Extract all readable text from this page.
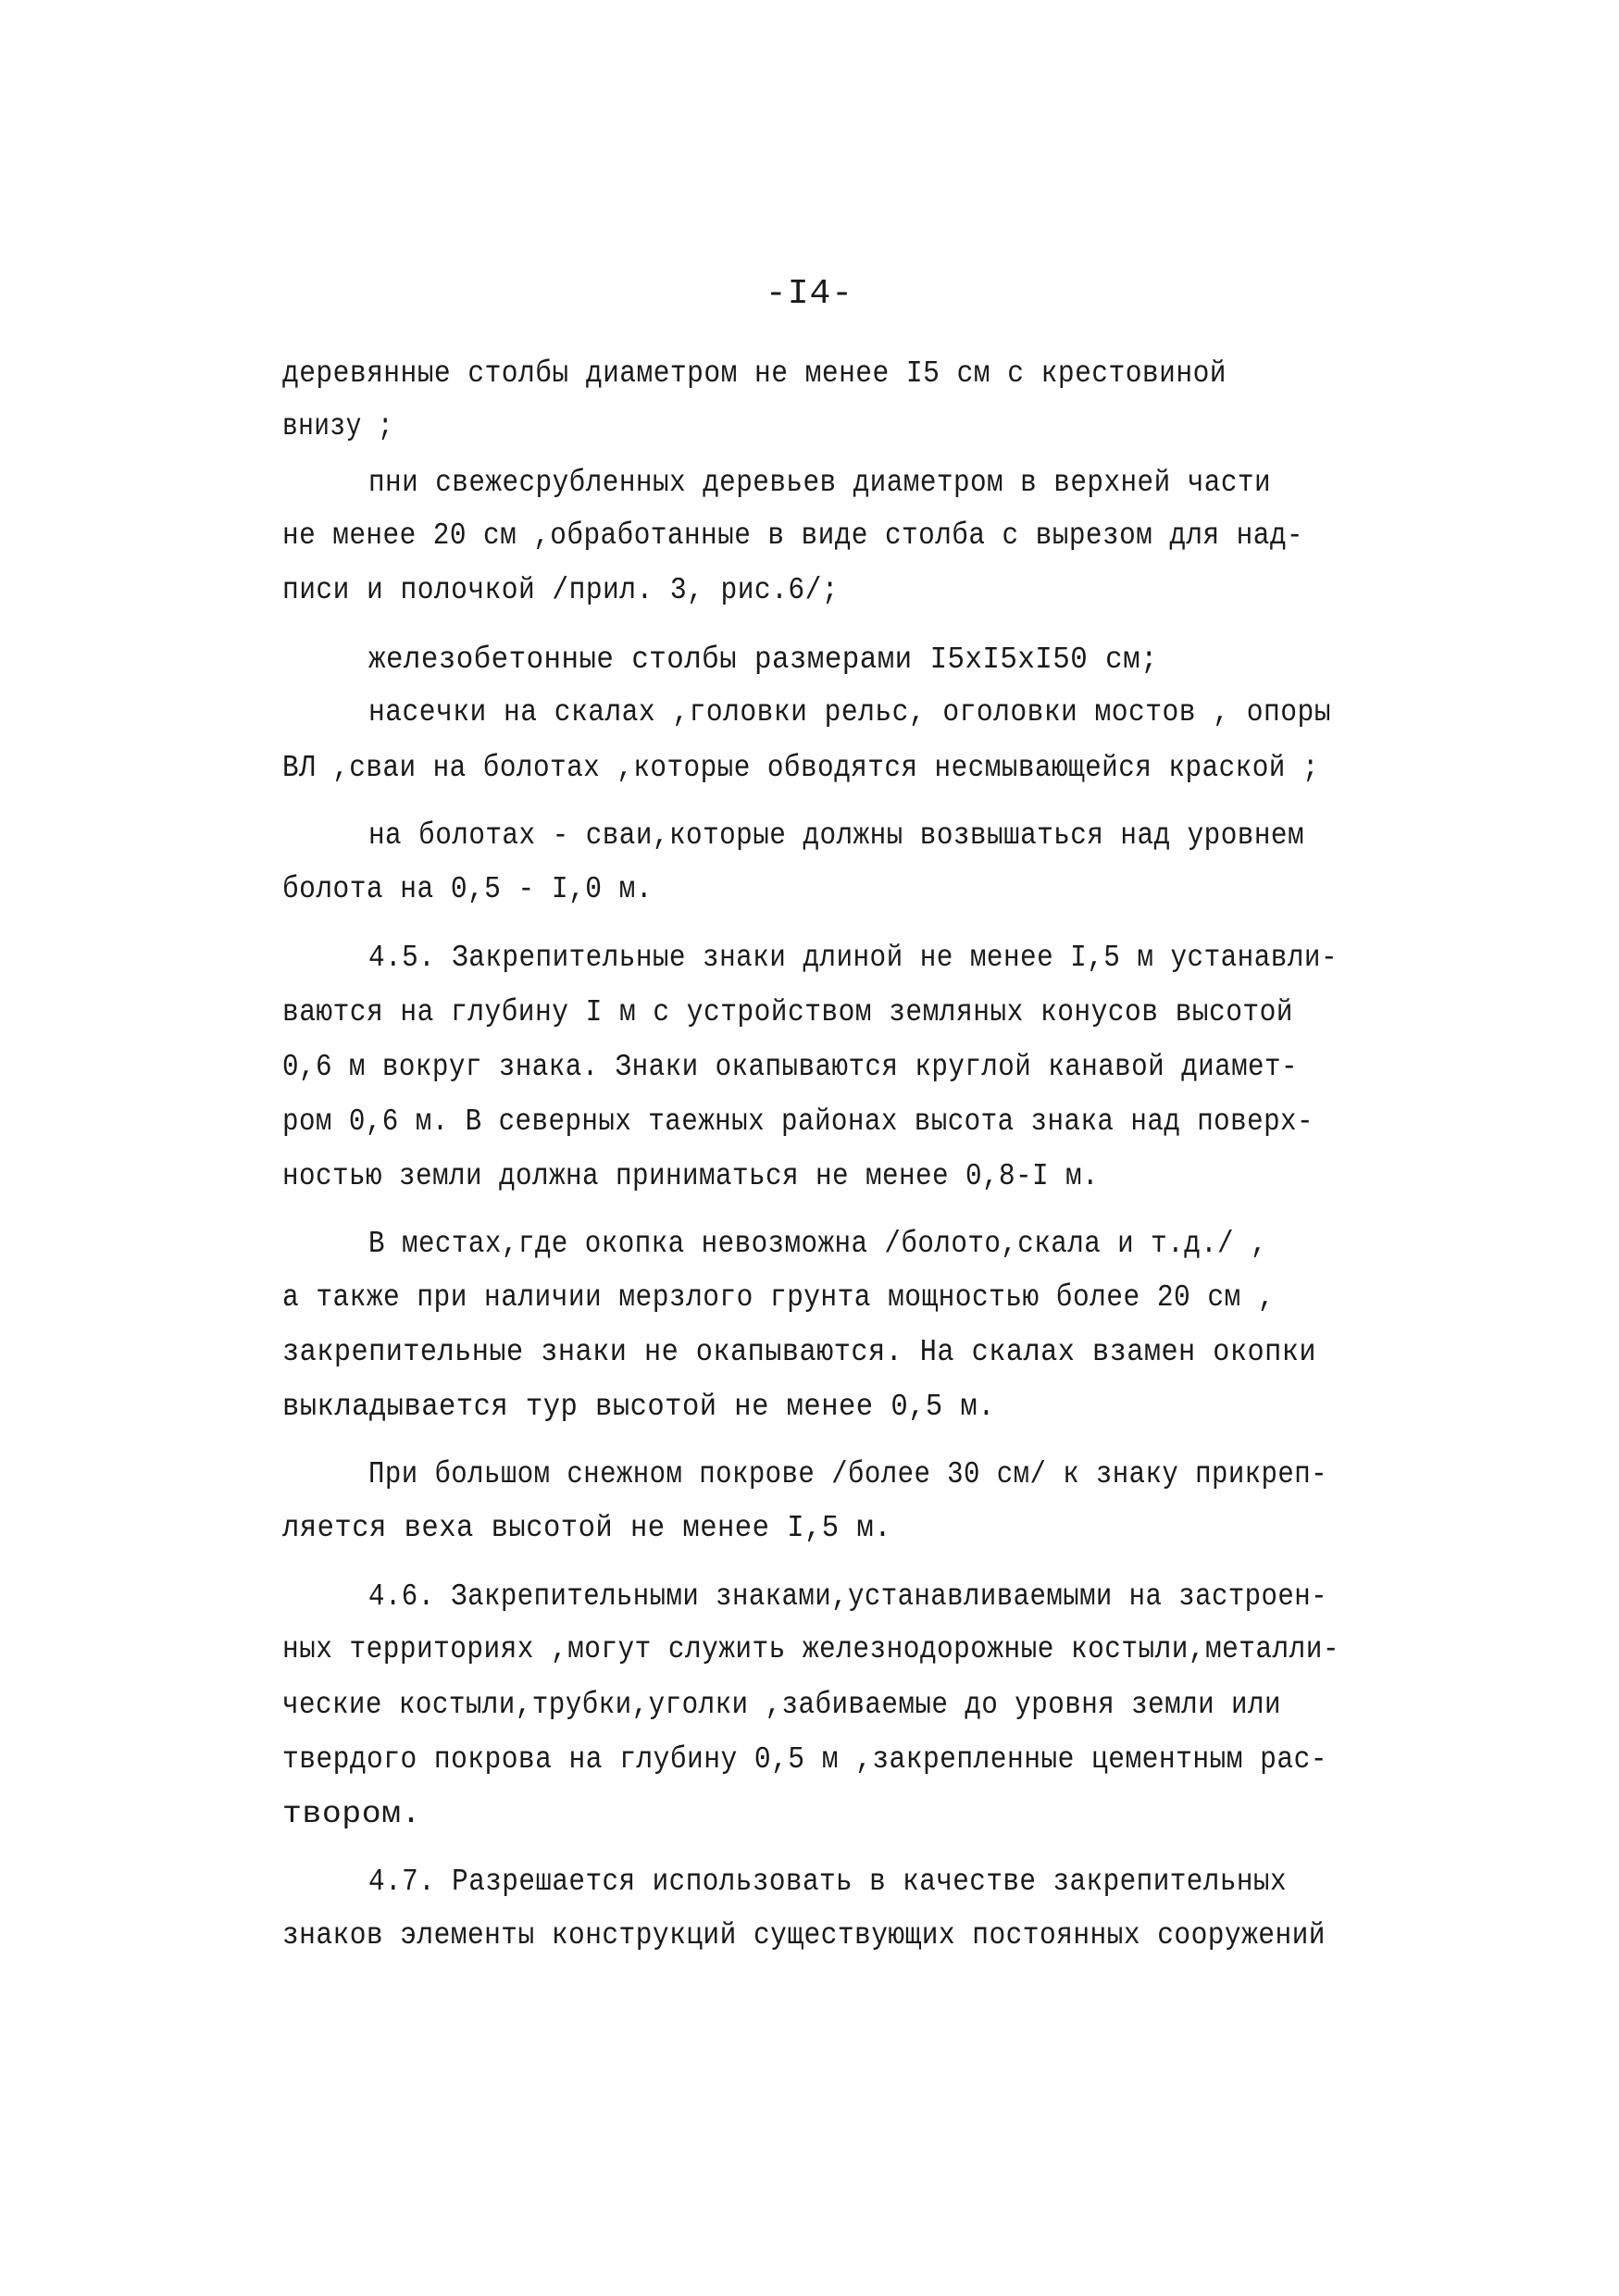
-I4-
деревянные столбы диаметром не менее I5 см с крестовиной
внизу ;
пни свежесрубленных деревьев диаметром в верхней части
не менее 20 см ,обработанные в виде столба с вырезом для над-
писи и полочкой /прил. 3, рис.6/;
железобетонные столбы размерами I5xI5xI50 см;
насечки на скалах ,головки рельс, оголовки мостов , опоры
ВЛ ,сваи на болотах ,которые обводятся несмывающейся краской ;
на болотах - сваи,которые должны возвышаться над уровнем
болота на 0,5 - I,0 м.
4.5. Закрепительные знаки длиной не менее I,5 м устанавли-
ваются на глубину I м с устройством земляных конусов высотой
0,6 м вокруг знака. Знаки окапываются круглой канавой диамет-
ром 0,6 м. В северных таежных районах высота знака над поверх-
ностью земли должна приниматься не менее 0,8-I м.
В местах,где окопка невозможна /болото,скала и т.д./ ,
а также при наличии мерзлого грунта мощностью более 20 см ,
закрепительные знаки не окапываются. На скалах взамен окопки
выкладывается тур высотой не менее 0,5 м.
При большом снежном покрове /более 30 см/ к знаку прикреп-
ляется веха высотой не менее I,5 м.
4.6. Закрепительными знаками,устанавливаемыми на застроен-
ных территориях ,могут служить железнодорожные костыли,металли-
ческие костыли,трубки,уголки ,забиваемые до уровня земли или
твердого покрова на глубину 0,5 м ,закрепленные цементным рас-
твором.
4.7. Разрешается использовать в качестве закрепительных
знаков элементы конструкций существующих постоянных сооружений
